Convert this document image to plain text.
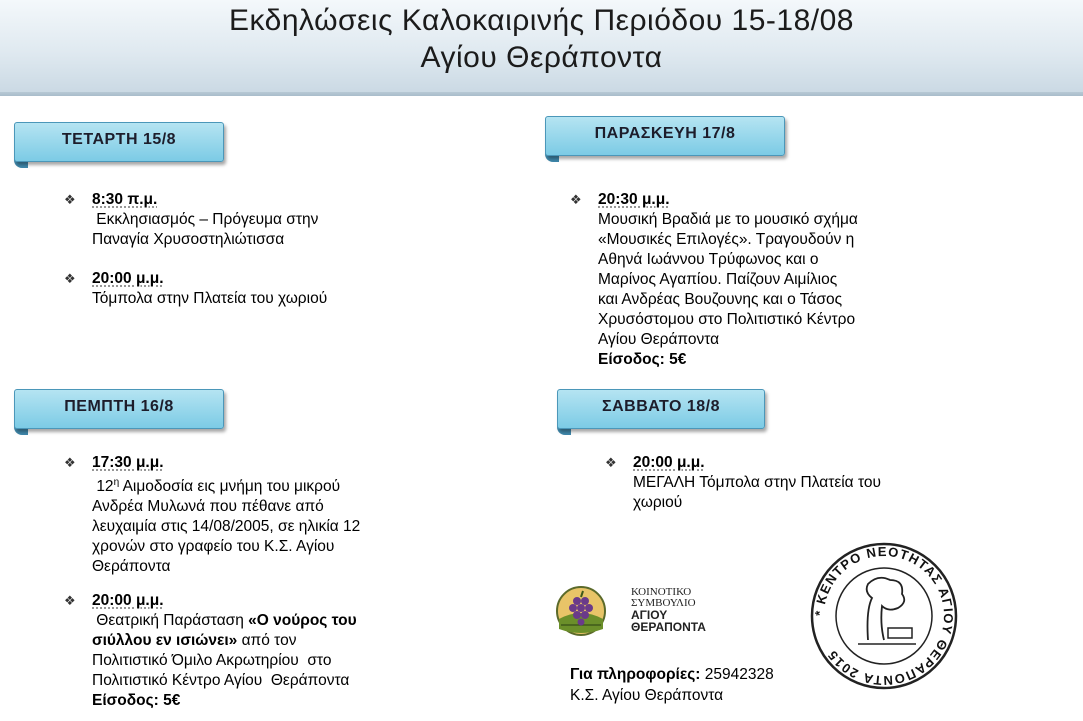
Εκδηλώσεις Καλοκαιρινής Περιόδου 15-18/08
Αγίου Θεράποντα
ΤΕΤΑΡΤΗ 15/8	ΠΑΡΑΣΚΕΥΗ 17/8
ΠΕΜΠΤΗ 16/8	ΣΑΒΒΑΤΟ 18/8
❖ 8:30 π.μ.
Εκκλησιασμός – Πρόγευμα στην
Παναγία Χρυσοστηλιώτισσα
❖ 20:00 μ.μ.
Τόμπολα στην Πλατεία του χωριού
❖ 20:30 μ.μ.
Μουσική Βραδιά με το μουσικό σχήμα
«Μουσικές Επιλογές». Τραγουδούν η
Αθηνά Ιωάννου Τρύφωνος και ο
Μαρίνος Αγαπίου. Παίζουν Αιμίλιος
και Ανδρέας Βουζουνης και ο Τάσος
Χρυσόστομου στο Πολιτιστικό Κέντρο
Αγίου Θεράποντα
Είσοδος: 5€
❖ 17:30 μ.μ.
$12^\eta$ Αιμοδοσία εις μνήμη του μικρού
Ανδρέα Μυλωνά που πέθανε από
λευχαιμία στις 14/08/2005, σε ηλικία 12
χρονών στο γραφείο του Κ.Σ. Αγίου
Θεράποντα
❖ 20:00 μ.μ.
Θεατρική Παράσταση «Ο νούρος του
σιύλλου εν ισιώνει» από τον
Πολιτιστικό Όμιλο Ακρωτηρίου  στο
Πολιτιστικό Κέντρο Αγίου  Θεράποντα
Είσοδος: 5€
❖ 20:00 μ.μ.
ΜΕΓΑΛΗ Τόμπολα στην Πλατεία του
χωριού
ΚΟΙΝΟΤΙΚΟ
ΣΥΜΒΟΥΛΙΟ
ΑΓΙΟΥ
ΘΕΡΑΠΟΝΤΑ
* ΚΕΝΤΡΟ ΝΕΟΤΗΤΑΣ ΑΓΙΟΥ ΘΕΡΑΠΟΝΤΑ 2015
Για πληροφορίες: 25942328
Κ.Σ. Αγίου Θεράποντα
